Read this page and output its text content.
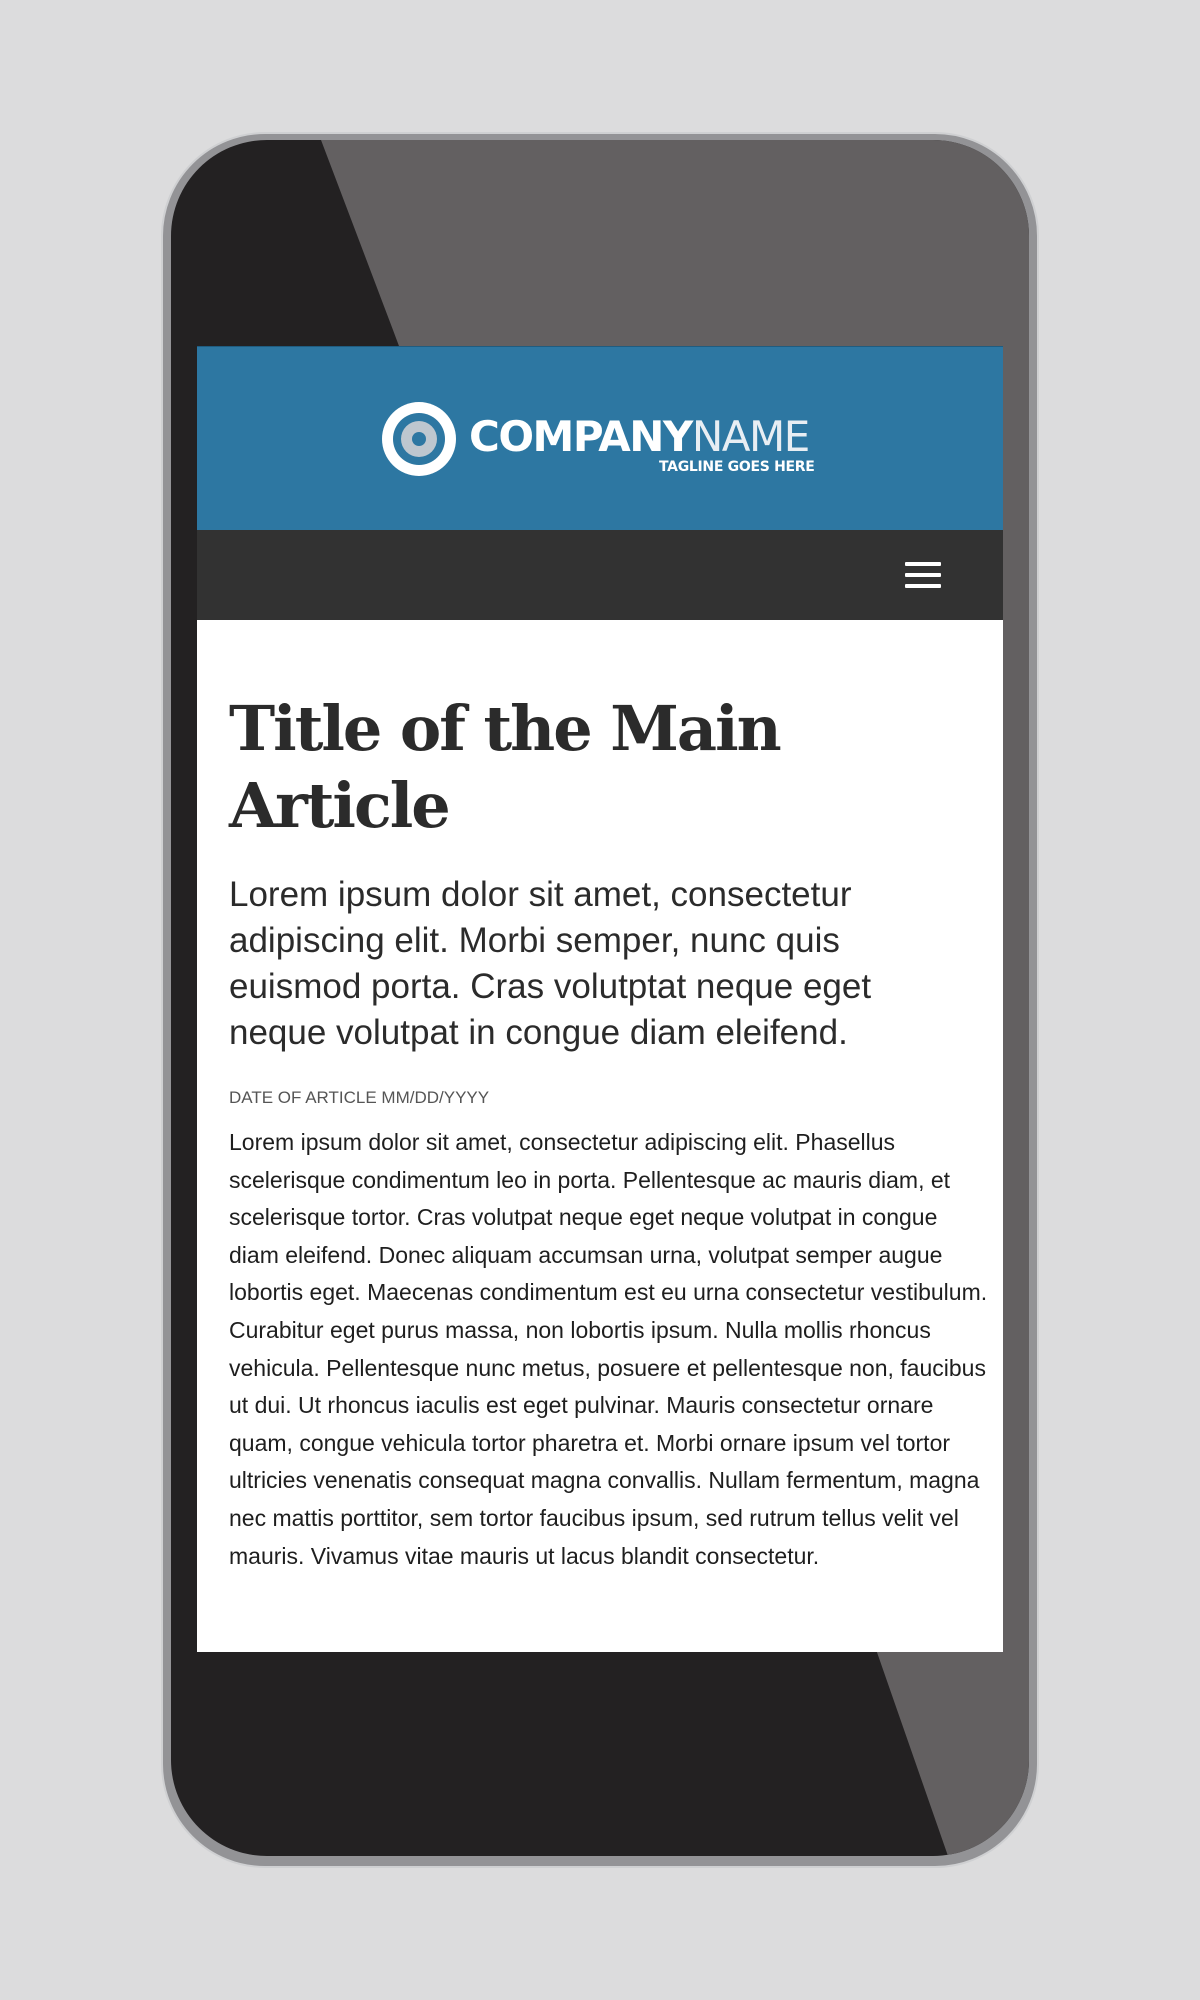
COMPANYNAME
TAGLINE GOES HERE
Title of the Main Article

Lorem ipsum dolor sit amet, consectetur adipiscing elit. Morbi semper, nunc quis euismod porta. Cras volutptat neque eget neque volutpat in congue diam eleifend.

DATE OF ARTICLE MM/DD/YYYY

Lorem ipsum dolor sit amet, consectetur adipiscing elit. Phasellus scelerisque condimentum leo in porta. Pellentesque ac mauris diam, et scelerisque tortor. Cras volutpat neque eget neque volutpat in congue diam eleifend. Donec aliquam accumsan urna, volutpat semper augue lobortis eget. Maecenas condimentum est eu urna consectetur vestibulum. Curabitur eget purus massa, non lobortis ipsum. Nulla mollis rhoncus vehicula. Pellentesque nunc metus, posuere et pellentesque non, faucibus ut dui. Ut rhoncus iaculis est eget pulvinar. Mauris consectetur ornare quam, congue vehicula tortor pharetra et. Morbi ornare ipsum vel tortor ultricies venenatis consequat magna convallis. Nullam fermentum, magna nec mattis porttitor, sem tortor faucibus ipsum, sed rutrum tellus velit vel mauris. Vivamus vitae mauris ut lacus blandit consectetur.
